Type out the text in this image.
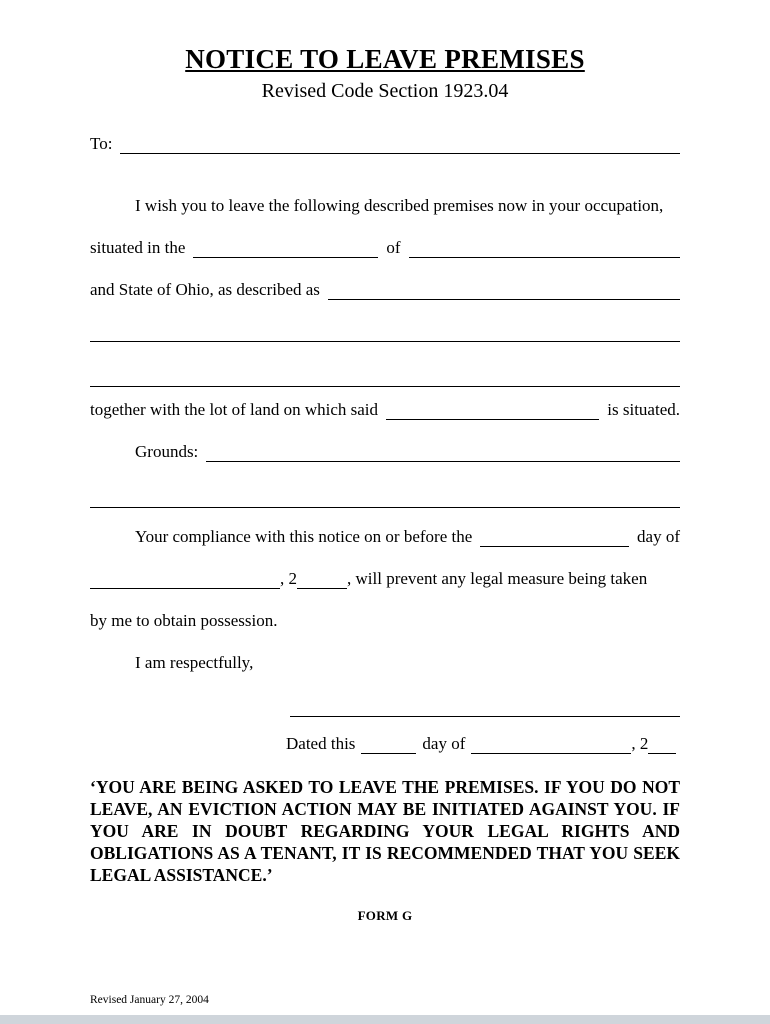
NOTICE TO LEAVE PREMISES
Revised Code Section 1923.04
To:
I wish you to leave the following described premises now in your occupation,
situated in the	of
and State of Ohio, as described as
together with the lot of land on which said	is situated.
Grounds:
Your compliance with this notice on or before the	day of
, 2	, will prevent any legal measure being taken
by me to obtain possession.
I am respectfully,
Dated this	day of	, 2

‘YOU ARE BEING ASKED TO LEAVE THE PREMISES. IF YOU DO NOT LEAVE, AN EVICTION ACTION MAY BE INITIATED AGAINST YOU. IF YOU ARE IN DOUBT REGARDING YOUR LEGAL RIGHTS AND OBLIGATIONS AS A TENANT, IT IS RECOMMENDED THAT YOU SEEK LEGAL ASSISTANCE.’

FORM G
Revised January 27, 2004
